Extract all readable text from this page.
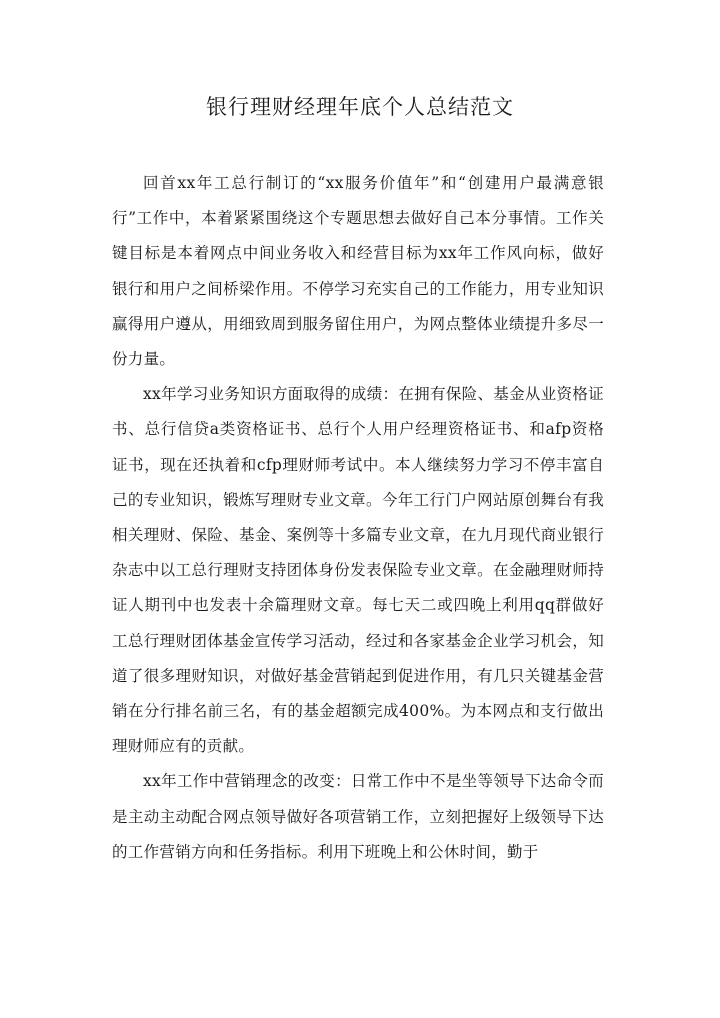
银行理财经理年底个人总结范文

回首xx年工总行制订的“xx服务价值年”和“创建用户最满意银行”工作中，本着紧紧围绕这个专题思想去做好自己本分事情。工作关键目标是本着网点中间业务收入和经营目标为xx年工作风向标，做好银行和用户之间桥梁作用。不停学习充实自己的工作能力，用专业知识赢得用户遵从，用细致周到服务留住用户，为网点整体业绩提升多尽一份力量。

xx年学习业务知识方面取得的成绩：在拥有保险、基金从业资格证书、总行信贷a类资格证书、总行个人用户经理资格证书、和afp资格证书，现在还执着和cfp理财师考试中。本人继续努力学习不停丰富自己的专业知识，锻炼写理财专业文章。今年工行门户网站原创舞台有我相关理财、保险、基金、案例等十多篇专业文章，在九月现代商业银行杂志中以工总行理财支持团体身份发表保险专业文章。在金融理财师持证人期刊中也发表十余篇理财文章。每七天二或四晚上利用qq群做好工总行理财团体基金宣传学习活动，经过和各家基金企业学习机会，知道了很多理财知识，对做好基金营销起到促进作用，有几只关键基金营销在分行排名前三名，有的基金超额完成400%。为本网点和支行做出理财师应有的贡献。

xx年工作中营销理念的改变：日常工作中不是坐等领导下达命令而是主动主动配合网点领导做好各项营销工作，立刻把握好上级领导下达的工作营销方向和任务指标。利用下班晚上和公休时间，勤于
